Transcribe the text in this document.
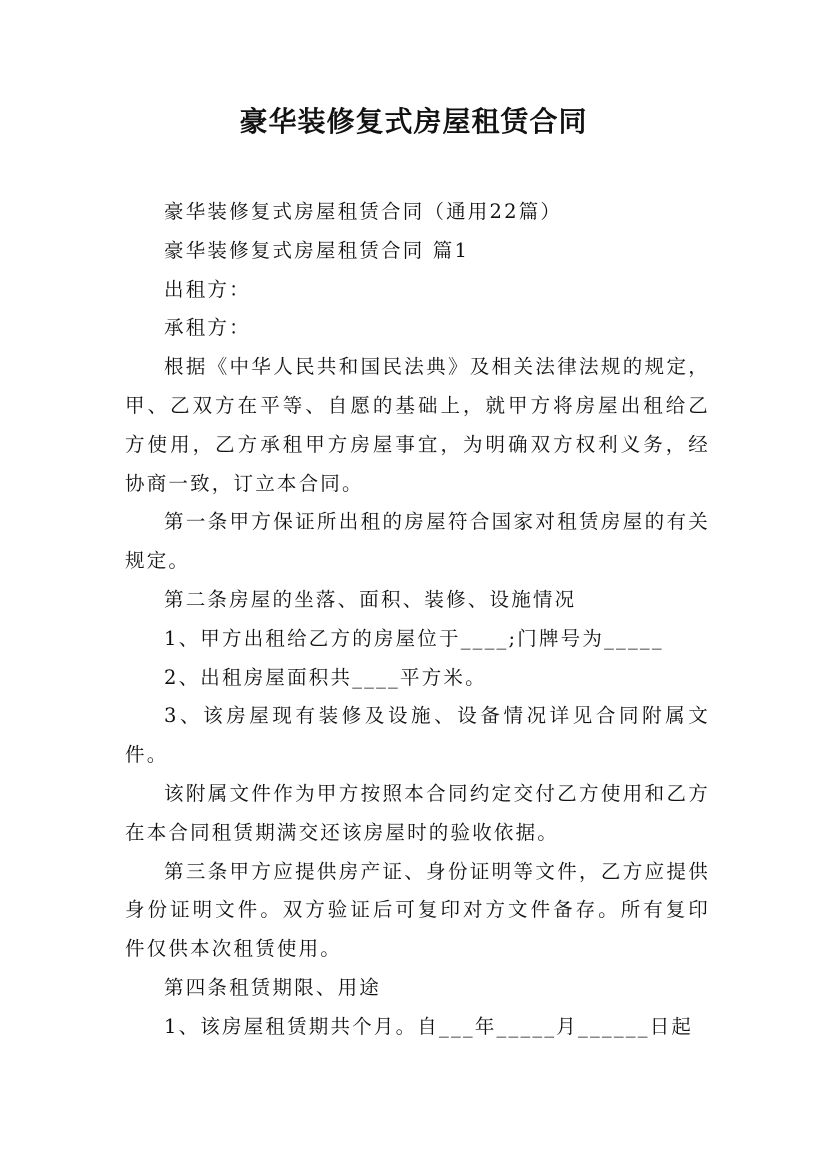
豪华装修复式房屋租赁合同

豪华装修复式房屋租赁合同（通用22篇）

豪华装修复式房屋租赁合同 篇1

出租方：

承租方：

根据《中华人民共和国民法典》及相关法律法规的规定，甲、乙双方在平等、自愿的基础上，就甲方将房屋出租给乙方使用，乙方承租甲方房屋事宜，为明确双方权利义务，经协商一致，订立本合同。

第一条甲方保证所出租的房屋符合国家对租赁房屋的有关规定。

第二条房屋的坐落、面积、装修、设施情况

1、甲方出租给乙方的房屋位于____;门牌号为_____

2、出租房屋面积共____平方米。

3、该房屋现有装修及设施、设备情况详见合同附属文件。

该附属文件作为甲方按照本合同约定交付乙方使用和乙方在本合同租赁期满交还该房屋时的验收依据。

第三条甲方应提供房产证、身份证明等文件，乙方应提供身份证明文件。双方验证后可复印对方文件备存。所有复印件仅供本次租赁使用。

第四条租赁期限、用途

1、该房屋租赁期共个月。自___年_____月______日起
